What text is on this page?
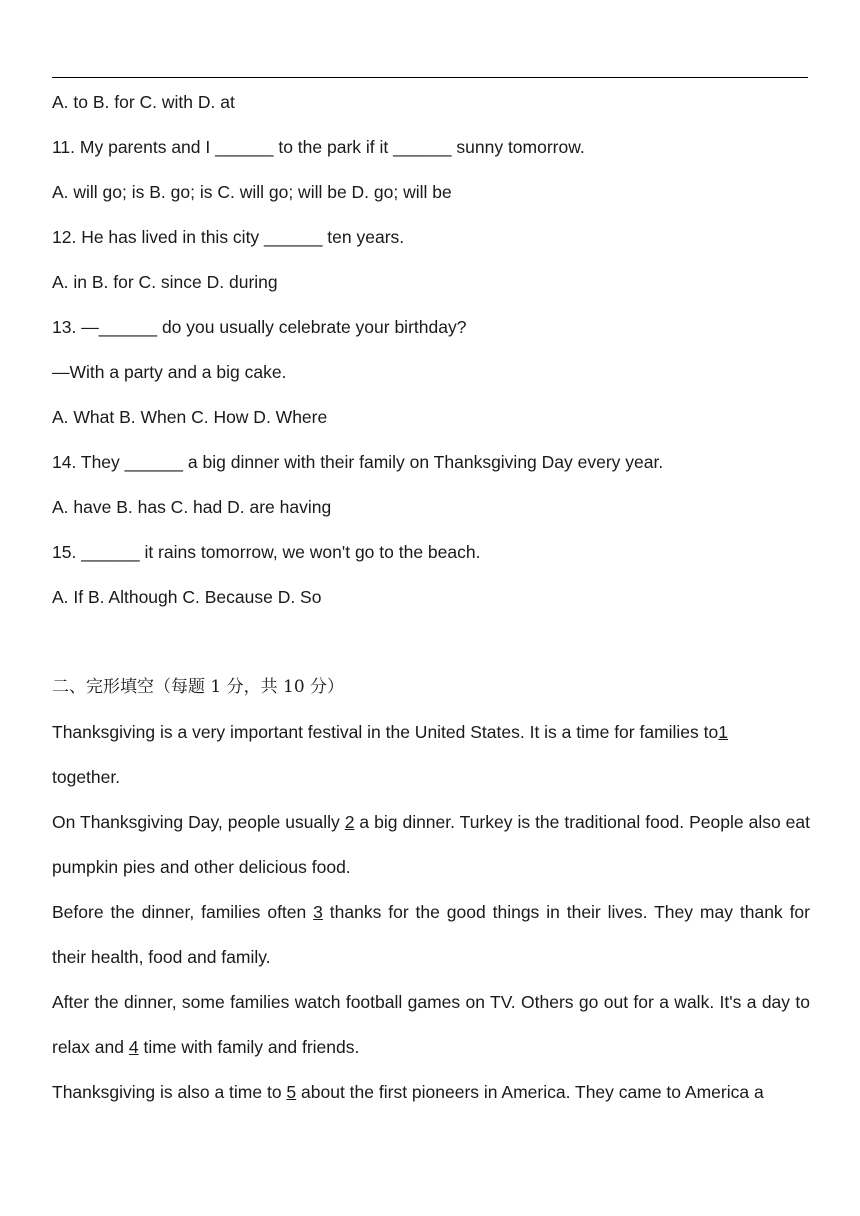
A. to B. for C. with D. at
11. My parents and I ______ to the park if it ______ sunny tomorrow.
A. will go; is B. go; is C. will go; will be D. go; will be
12. He has lived in this city ______ ten years.
A. in B. for C. since D. during
13. —______ do you usually celebrate your birthday?
—With a party and a big cake.
A. What B. When C. How D. Where
14. They ______ a big dinner with their family on Thanksgiving Day every year.
A. have B. has C. had D. are having
15. ______ it rains tomorrow, we won't go to the beach.
A. If B. Although C. Because D. So
二、完形填空（每题 1 分，共 10 分）

Thanksgiving is a very important festival in the United States. It is a time for families to1
together.

On Thanksgiving Day, people usually 2 a big dinner. Turkey is the traditional food. People also eat pumpkin pies and other delicious food.

Before the dinner, families often 3 thanks for the good things in their lives. They may thank for their health, food and family.

After the dinner, some families watch football games on TV. Others go out for a walk. It's a day to relax and 4 time with family and friends.

Thanksgiving is also a time to 5 about the first pioneers in America. They came to America a
